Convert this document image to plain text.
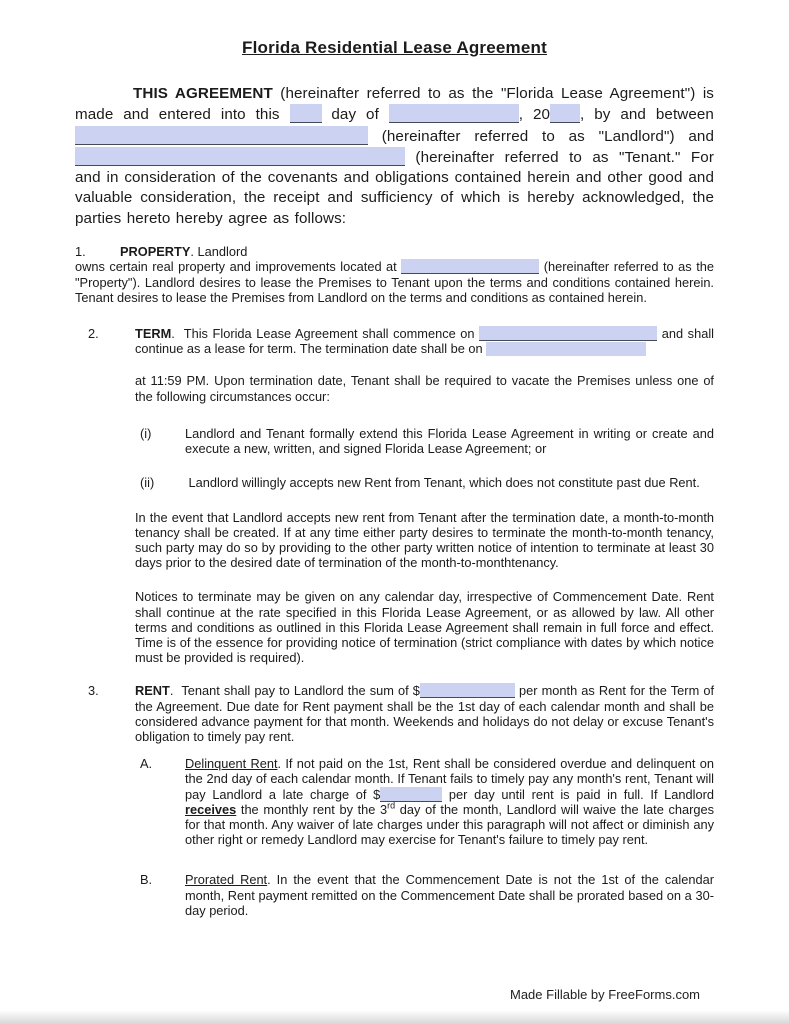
Florida Residential Lease Agreement

THIS AGREEMENT (hereinafter referred to as the "Florida Lease Agreement") is made and entered into this  day of	, 20 , by and between  (hereinafter referred to as "Landlord") and  (hereinafter referred to as "Tenant." For and in consideration of the covenants and obligations contained herein and other good and valuable consideration, the receipt and sufficiency of which is hereby acknowledged, the parties hereto hereby agree as follows:

1.	PROPERTY. Landlord

owns certain real property and improvements located at	(hereinafter referred to as the "Property"). Landlord desires to lease the Premises to Tenant upon the terms and conditions contained herein. Tenant desires to lease the Premises from Landlord on the terms and conditions as contained herein.

2.	TERM.  This Florida Lease Agreement shall commence on	and shall continue as a lease for term. The termination date shall be on

at 11:59 PM. Upon termination date, Tenant shall be required to vacate the Premises unless one of the following circumstances occur:

(i)	Landlord and Tenant formally extend this Florida Lease Agreement in writing or create and execute a new, written, and signed Florida Lease Agreement; or
(ii) Landlord willingly accepts new Rent from Tenant, which does not constitute past due Rent.

In the event that Landlord accepts new rent from Tenant after the termination date, a month-to-month tenancy shall be created. If at any time either party desires to terminate the month-to-month tenancy, such party may do so by providing to the other party written notice of intention to terminate at least 30 days prior to the desired date of termination of the month-to-monthtenancy.

Notices to terminate may be given on any calendar day, irrespective of Commencement Date. Rent shall continue at the rate specified in this Florida Lease Agreement, or as allowed by law. All other terms and conditions as outlined in this Florida Lease Agreement shall remain in full force and effect. Time is of the essence for providing notice of termination (strict compliance with dates by which notice must be provided is required).

3.	RENT.  Tenant shall pay to Landlord the sum of $	per month as Rent for the Term of the Agreement. Due date for Rent payment shall be the 1st day of each calendar month and shall be considered advance payment for that month. Weekends and holidays do not delay or excuse Tenant's obligation to timely pay rent.
A.	Delinquent Rent. If not paid on the 1st, Rent shall be considered overdue and delinquent on the 2nd day of each calendar month. If Tenant fails to timely pay any month's rent, Tenant will pay Landlord a late charge of $	per day until rent is paid in full. If Landlord receives the monthly rent by the 3rd day of the month, Landlord will waive the late charges for that month. Any waiver of late charges under this paragraph will not affect or diminish any other right or remedy Landlord may exercise for Tenant's failure to timely pay rent.
B.	Prorated Rent. In the event that the Commencement Date is not the 1st of the calendar month, Rent payment remitted on the Commencement Date shall be prorated based on a 30-day period.
Made Fillable by FreeForms.com
